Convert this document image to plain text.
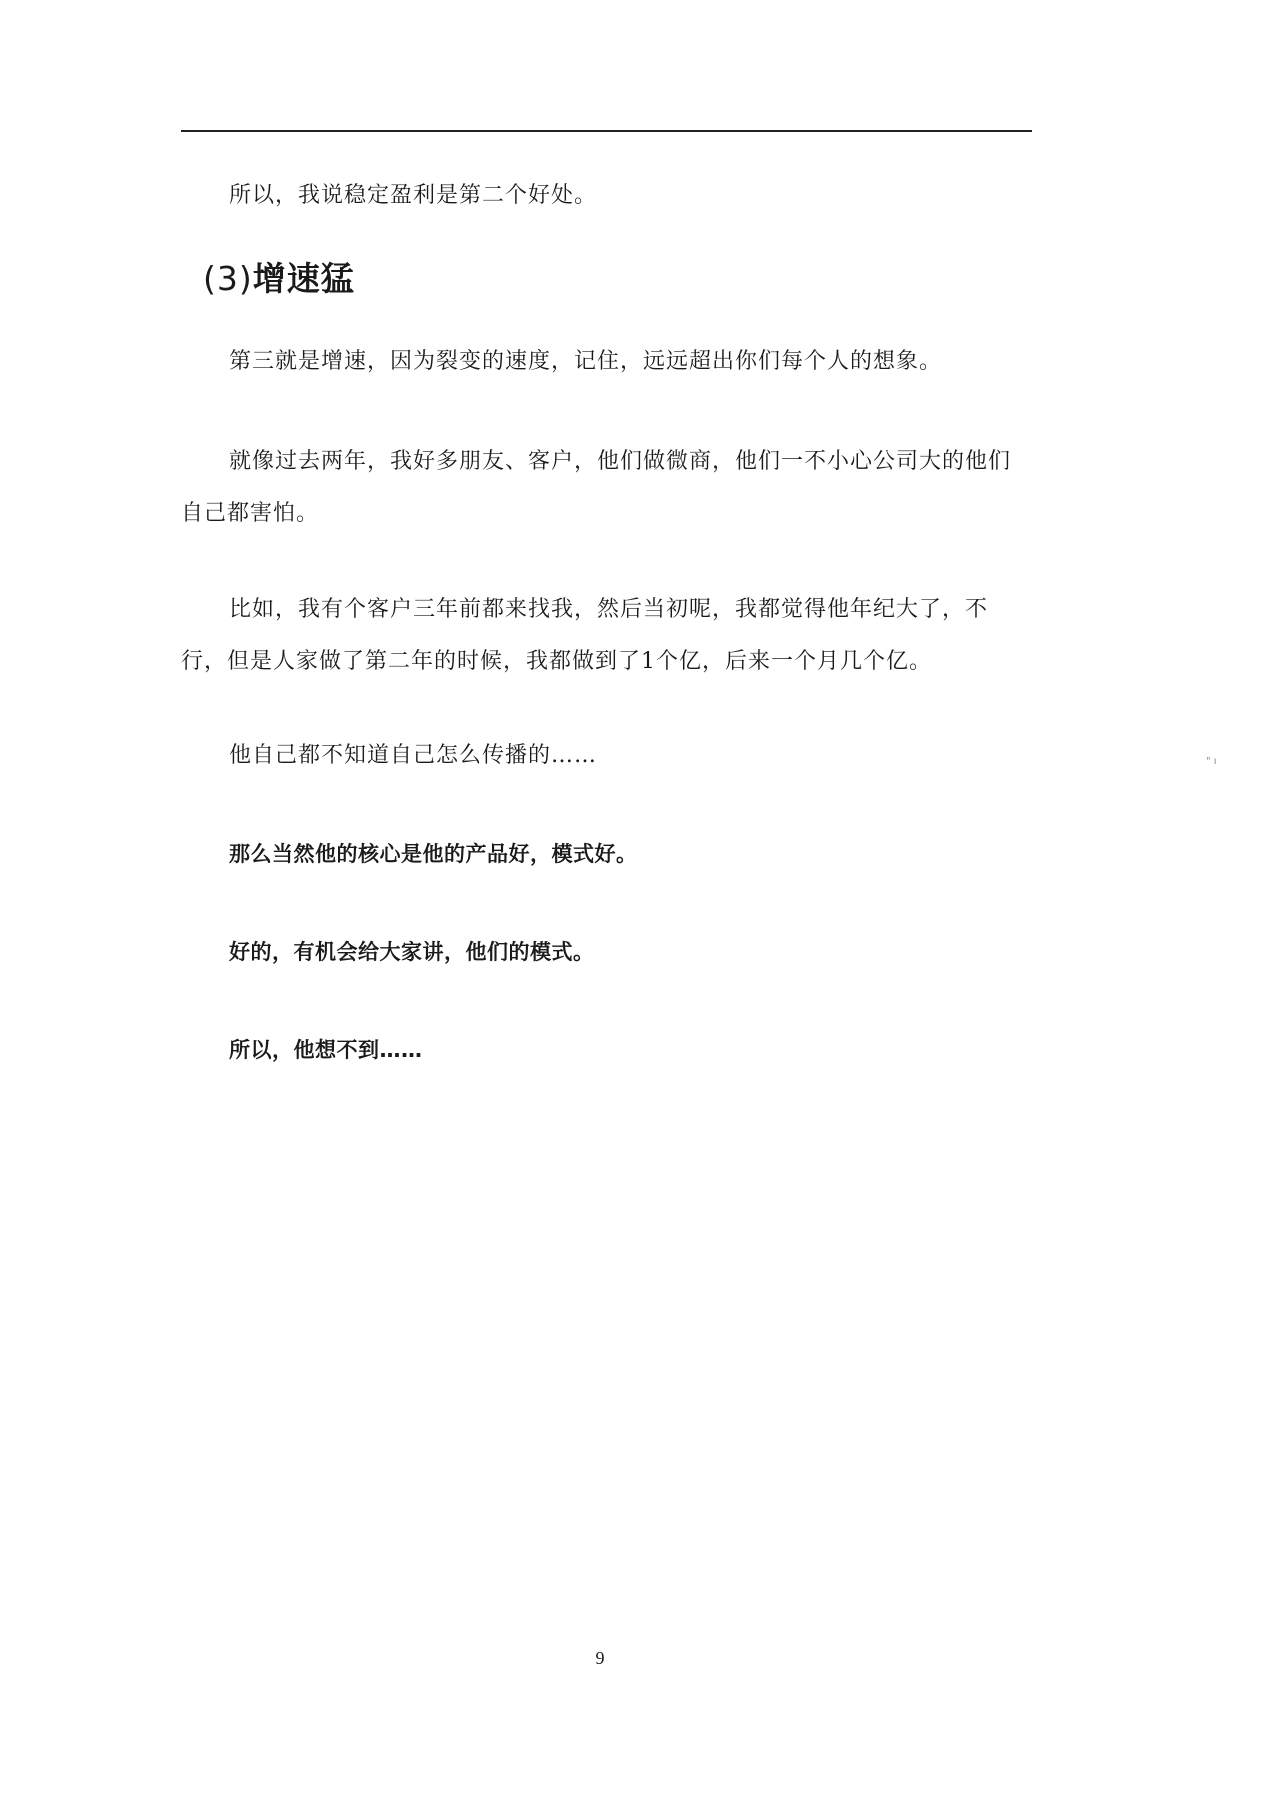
所以，我说稳定盈利是第二个好处。

(3)增速猛

第三就是增速，因为裂变的速度，记住，远远超出你们每个人的想象。

就像过去两年，我好多朋友、客户，他们做微商，他们一不小心公司大的他们自己都害怕。

比如，我有个客户三年前都来找我，然后当初呢，我都觉得他年纪大了，不行，但是人家做了第二年的时候，我都做到了1个亿，后来一个月几个亿。

他自己都不知道自己怎么传播的……

那么当然他的核心是他的产品好，模式好。

好的，有机会给大家讲，他们的模式。

所以，他想不到……

" ı
9
